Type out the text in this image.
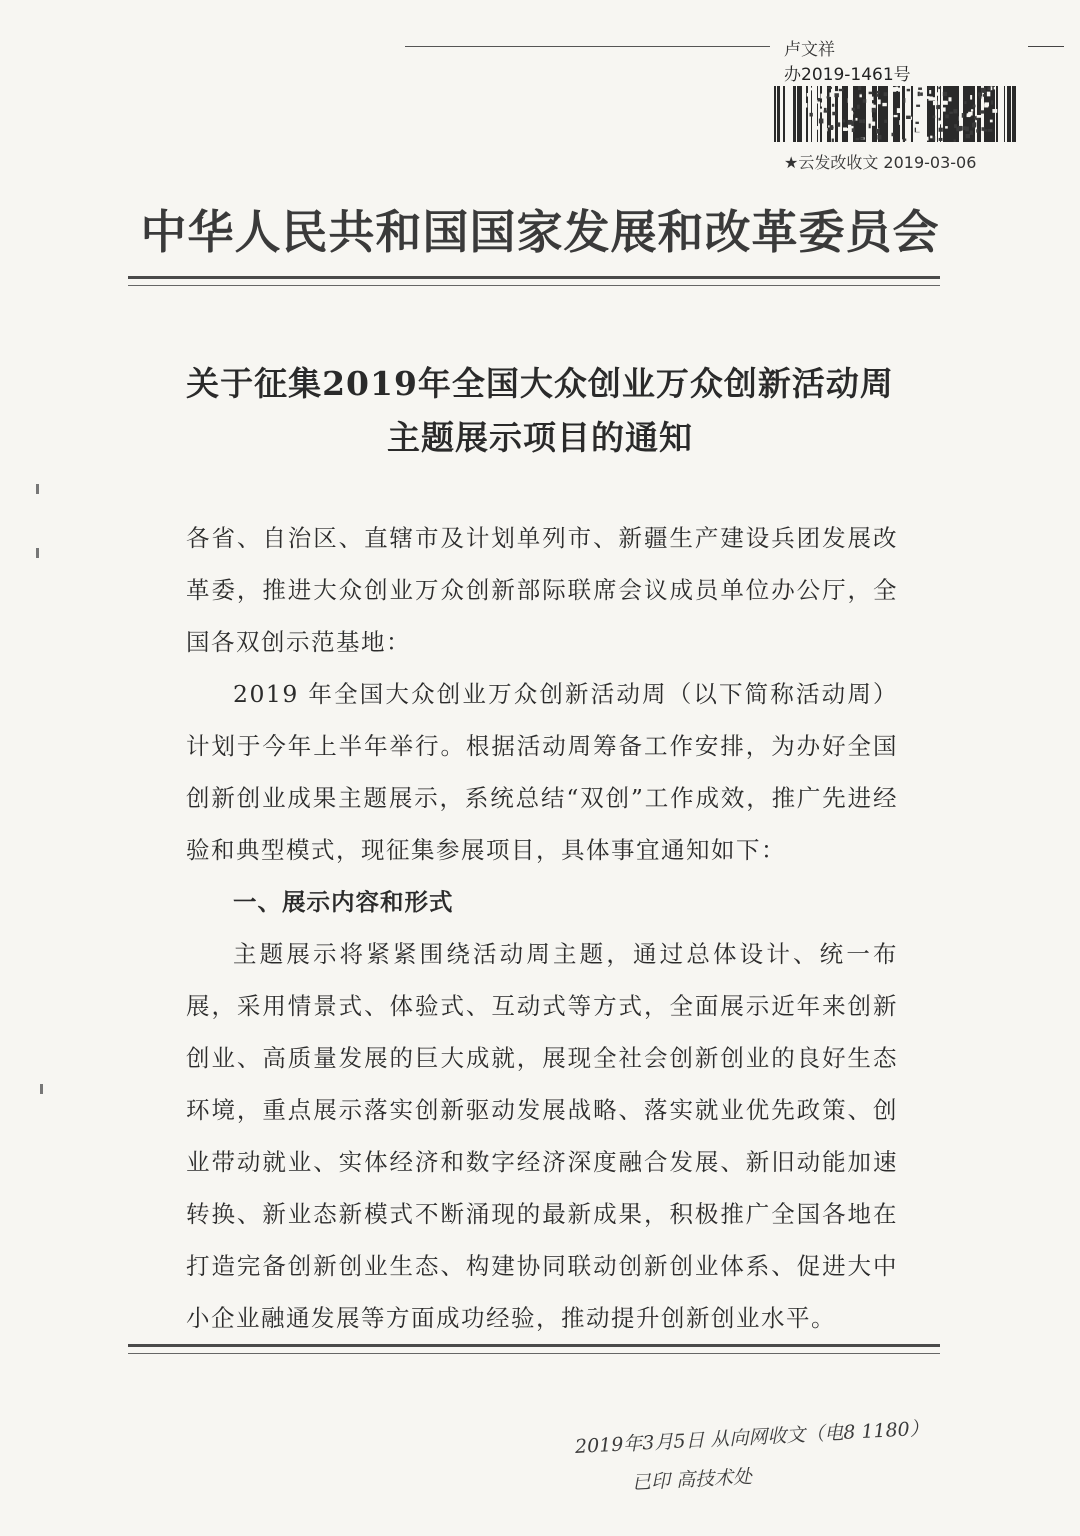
卢文祥
办2019-1461号
★云发改收文 2019-03-06
中华人民共和国国家发展和改革委员会
关于征集2019年全国大众创业万众创新活动周
主题展示项目的通知

各省、自治区、直辖市及计划单列市、新疆生产建设兵团发展改革委，推进大众创业万众创新部际联席会议成员单位办公厅，全国各双创示范基地：

2019 年全国大众创业万众创新活动周（以下简称活动周）计划于今年上半年举行。根据活动周筹备工作安排，为办好全国创新创业成果主题展示，系统总结“双创”工作成效，推广先进经验和典型模式，现征集参展项目，具体事宜通知如下：

一、展示内容和形式

主题展示将紧紧围绕活动周主题，通过总体设计、统一布展，采用情景式、体验式、互动式等方式，全面展示近年来创新创业、高质量发展的巨大成就，展现全社会创新创业的良好生态环境，重点展示落实创新驱动发展战略、落实就业优先政策、创业带动就业、实体经济和数字经济深度融合发展、新旧动能加速转换、新业态新模式不断涌现的最新成果，积极推广全国各地在打造完备创新创业生态、构建协同联动创新创业体系、促进大中小企业融通发展等方面成功经验，推动提升创新创业水平。

2019年3月5日 从向网收文（电8 1180）
已印 高技术处
